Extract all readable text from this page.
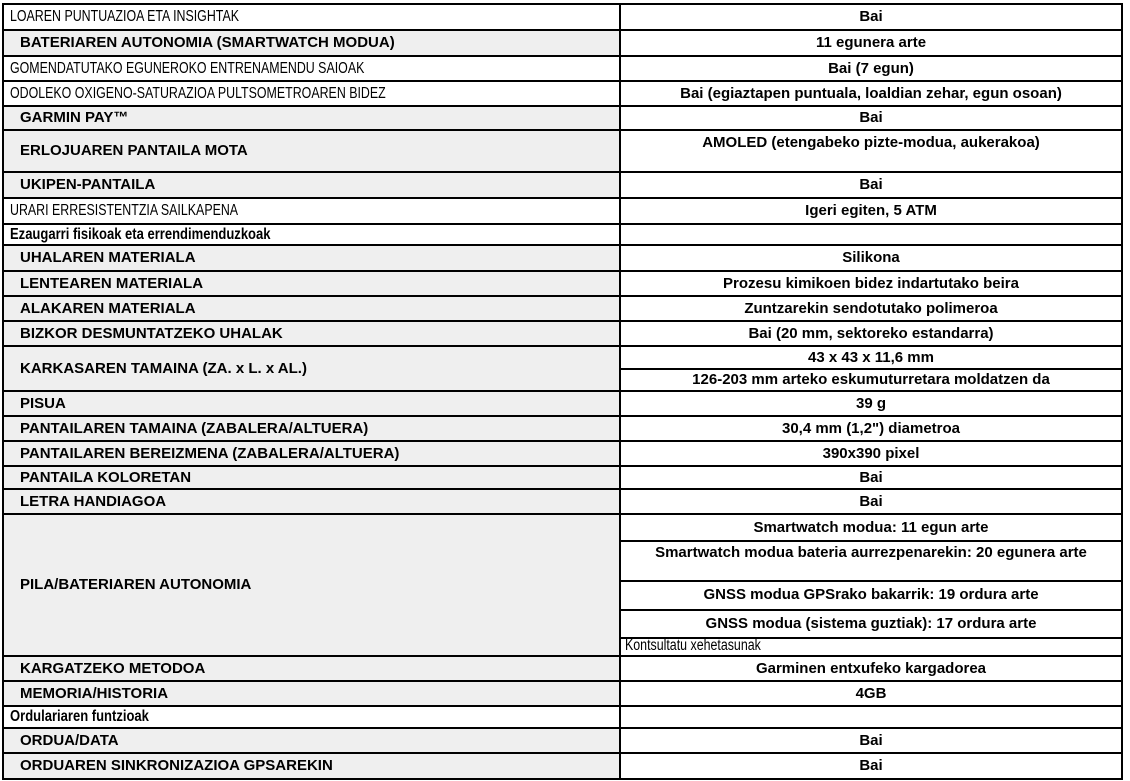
LOAREN PUNTUAZIOA ETA INSIGHTAK	Bai

BATERIAREN AUTONOMIA (SMARTWATCH MODUA)	11 egunera arte

GOMENDATUTAKO EGUNEROKO ENTRENAMENDU SAIOAK	Bai (7 egun)

ODOLEKO OXIGENO-SATURAZIOA PULTSOMETROAREN BIDEZ	Bai (egiaztapen puntuala, loaldian zehar, egun osoan)

GARMIN PAY™	Bai

ERLOJUAREN PANTAILA MOTA	AMOLED (etengabeko pizte-modua, aukerakoa)

UKIPEN-PANTAILA	Bai

URARI ERRESISTENTZIA SAILKAPENA	Igeri egiten, 5 ATM

Ezaugarri fisikoak eta errendimenduzkoak	

UHALAREN MATERIALA	Silikona

LENTEAREN MATERIALA	Prozesu kimikoen bidez indartutako beira

ALAKAREN MATERIALA	Zuntzarekin sendotutako polimeroa

BIZKOR DESMUNTATZEKO UHALAK	Bai (20 mm, sektoreko estandarra)

KARKASAREN TAMAINA (ZA. x L. x AL.)	43 x 43 x 11,6 mm
126-203 mm arteko eskumuturretara moldatzen da

PISUA	39 g

PANTAILAREN TAMAINA (ZABALERA/ALTUERA)	30,4 mm (1,2") diametroa

PANTAILAREN BEREIZMENA (ZABALERA/ALTUERA)	390x390 pixel

PANTAILA KOLORETAN	Bai

LETRA HANDIAGOA	Bai

PILA/BATERIAREN AUTONOMIA	Smartwatch modua: 11 egun arte
Smartwatch modua bateria aurrezpenarekin: 20 egunera arte
GNSS modua GPSrako bakarrik: 19 ordura arte
GNSS modua (sistema guztiak): 17 ordura arte
Kontsultatu xehetasunak

KARGATZEKO METODOA	Garminen entxufeko kargadorea

MEMORIA/HISTORIA	4GB

Ordulariaren funtzioak	

ORDUA/DATA	Bai

ORDUAREN SINKRONIZAZIOA GPSAREKIN	Bai
